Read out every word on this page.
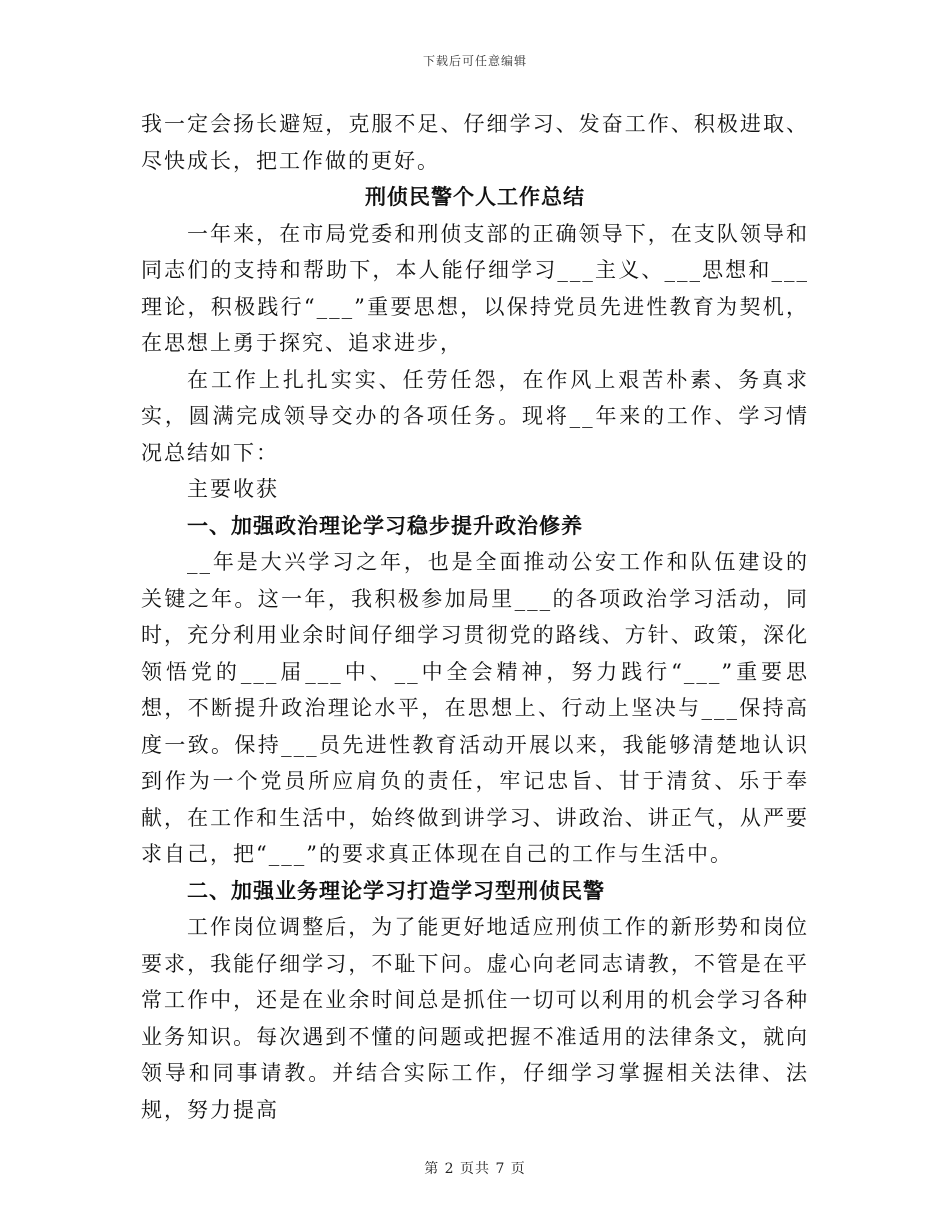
下载后可任意编辑

我一定会扬长避短，克服不足、仔细学习、发奋工作、积极进取、尽快成长，把工作做的更好。

刑侦民警个人工作总结

一年来，在市局党委和刑侦支部的正确领导下，在支队领导和同志们的支持和帮助下，本人能仔细学习___主义、___思想和___理论，积极践行“___”重要思想，以保持党员先进性教育为契机，在思想上勇于探究、追求进步，

在工作上扎扎实实、任劳任怨，在作风上艰苦朴素、务真求实，圆满完成领导交办的各项任务。现将__年来的工作、学习情况总结如下：

主要收获

一、加强政治理论学习稳步提升政治修养

__年是大兴学习之年，也是全面推动公安工作和队伍建设的关键之年。这一年，我积极参加局里___的各项政治学习活动，同时，充分利用业余时间仔细学习贯彻党的路线、方针、政策，深化领悟党的___届___中、__中全会精神，努力践行“___”重要思想，不断提升政治理论水平，在思想上、行动上坚决与___保持高度一致。保持___员先进性教育活动开展以来，我能够清楚地认识到作为一个党员所应肩负的责任，牢记忠旨、甘于清贫、乐于奉献，在工作和生活中，始终做到讲学习、讲政治、讲正气，从严要求自己，把“___”的要求真正体现在自己的工作与生活中。

二、加强业务理论学习打造学习型刑侦民警

工作岗位调整后，为了能更好地适应刑侦工作的新形势和岗位要求，我能仔细学习，不耻下问。虚心向老同志请教，不管是在平常工作中，还是在业余时间总是抓住一切可以利用的机会学习各种业务知识。每次遇到不懂的问题或把握不准适用的法律条文，就向领导和同事请教。并结合实际工作，仔细学习掌握相关法律、法规，努力提高

第 2 页共 7 页
